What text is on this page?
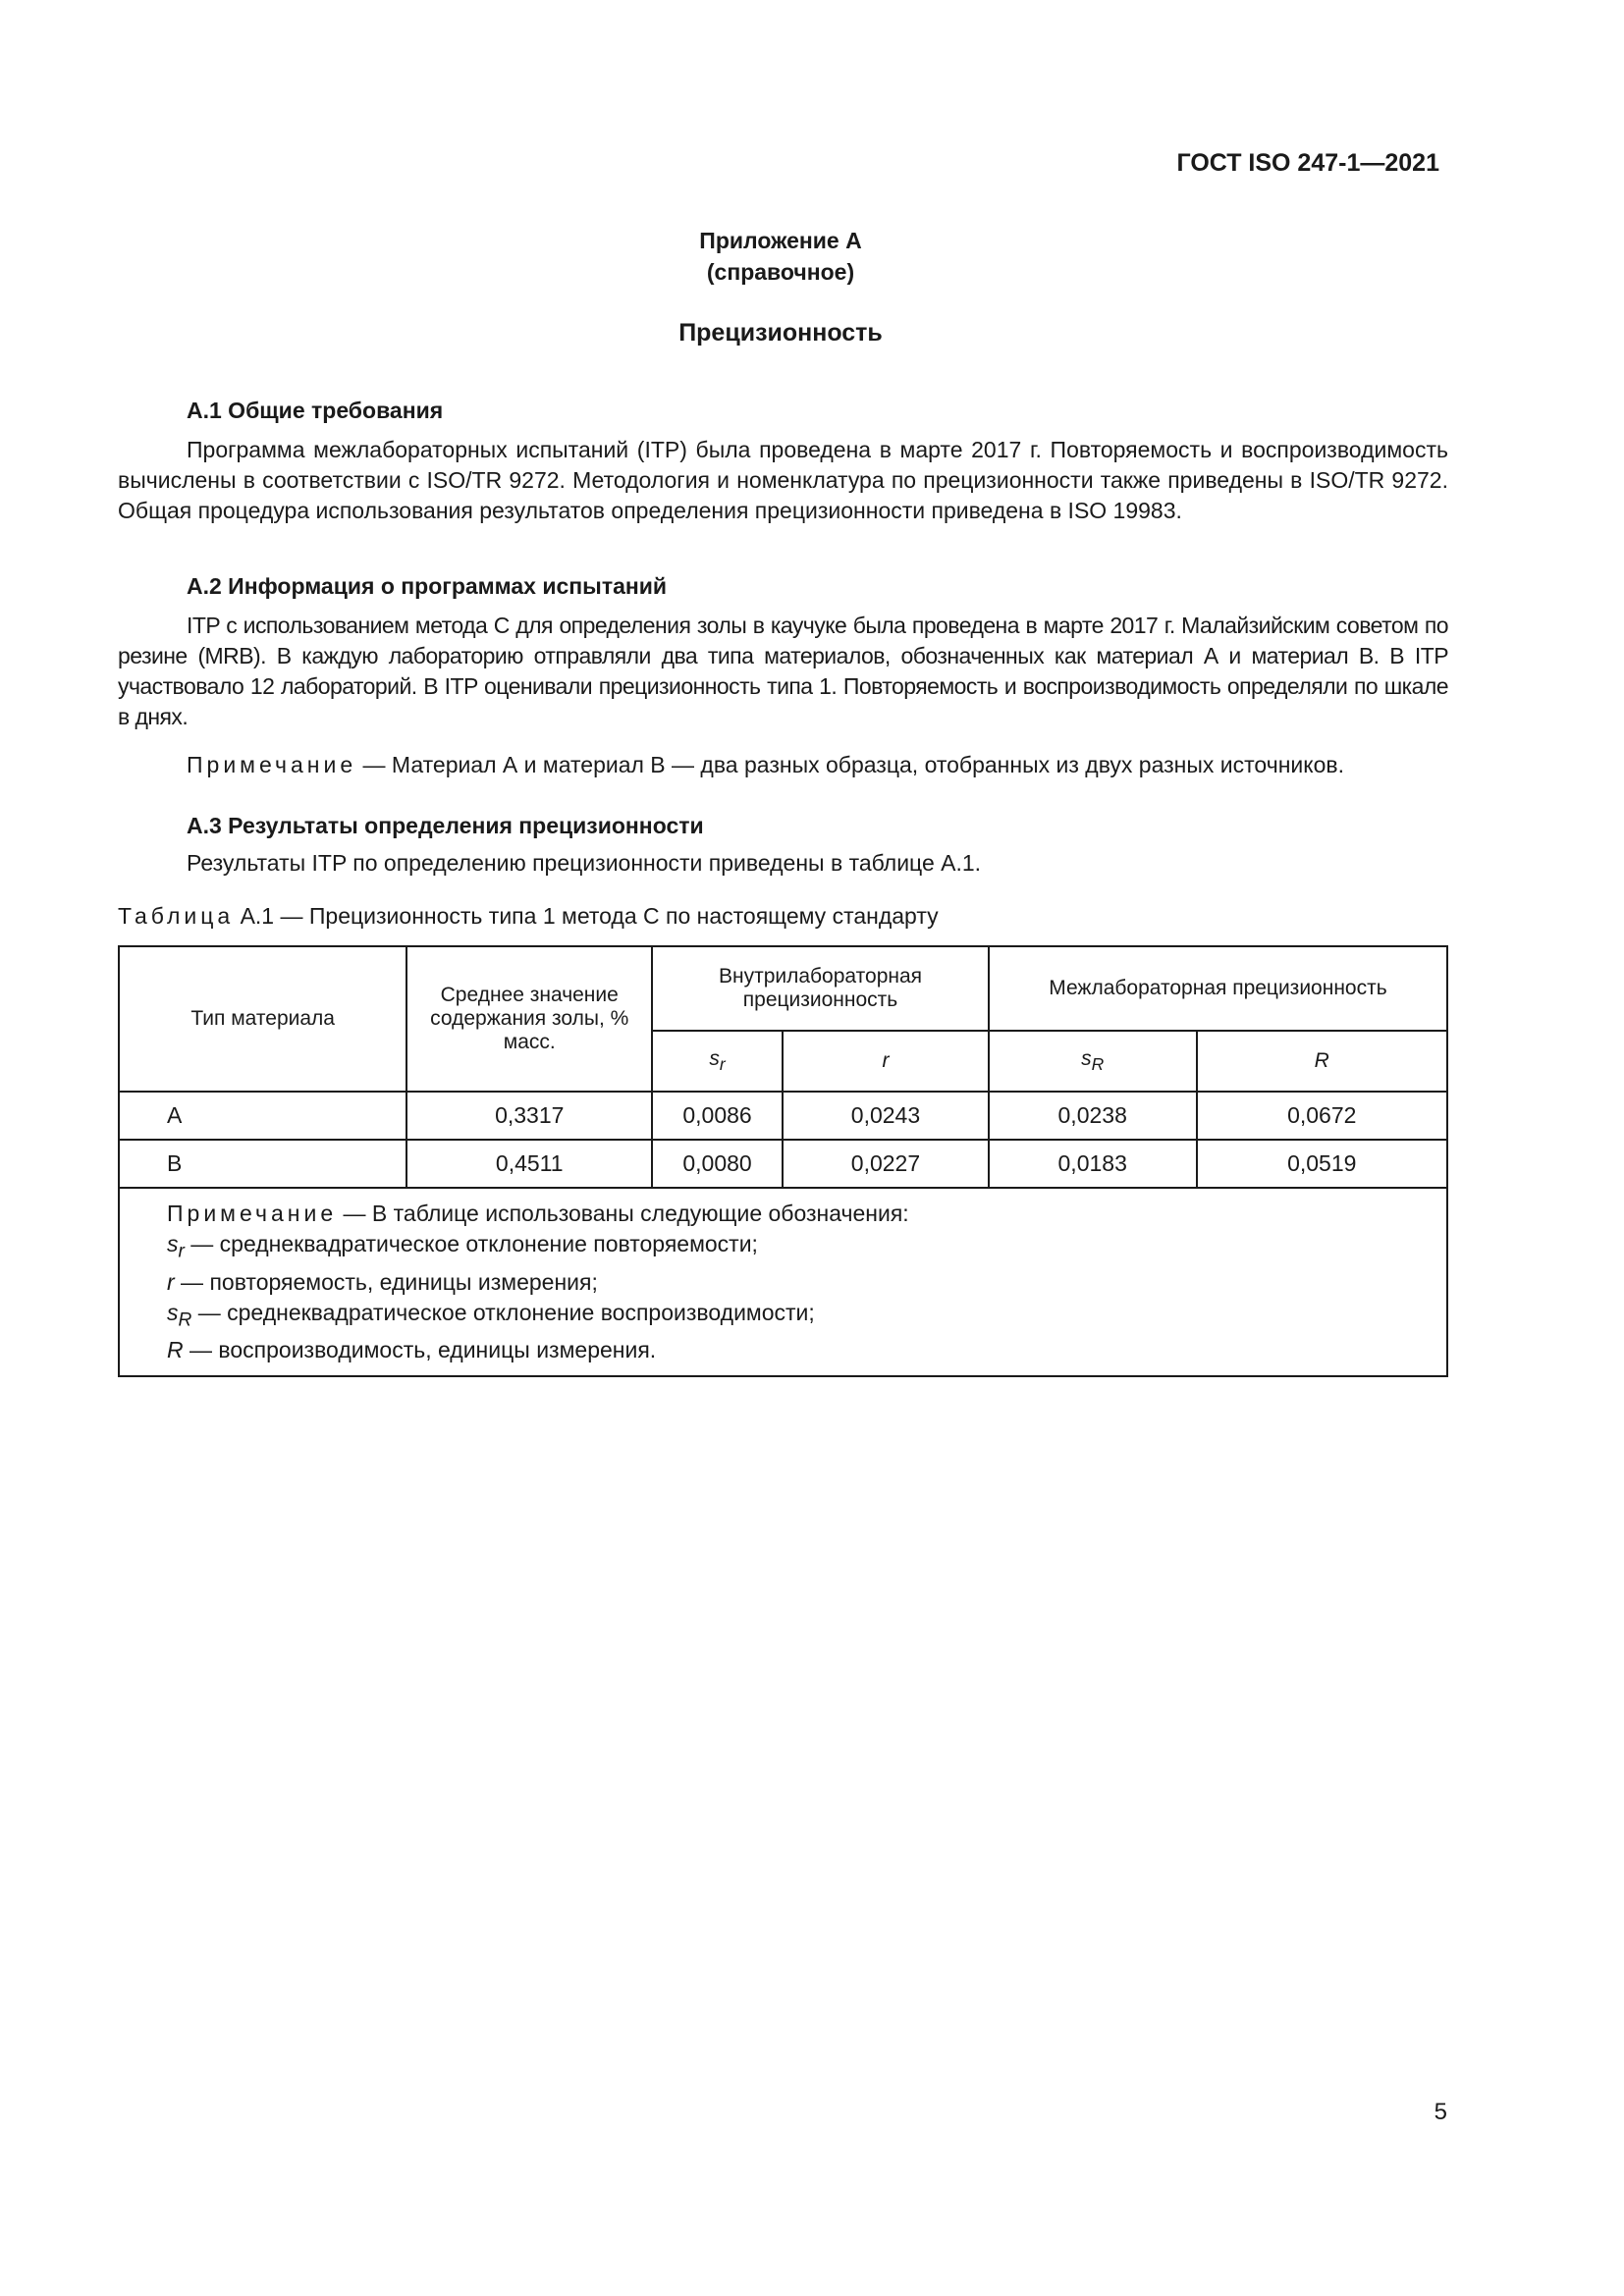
ГОСТ ISO 247-1—2021
Приложение А
(справочное)
Прецизионность
А.1 Общие требования

Программа межлабораторных испытаний (ITP) была проведена в марте 2017 г. Повторяемость и воспроизводимость вычислены в соответствии с ISO/TR 9272. Методология и номенклатура по прецизионности также приведены в ISO/TR 9272. Общая процедура использования результатов определения прецизионности приведена в ISO 19983.

А.2 Информация о программах испытаний

ITP с использованием метода С для определения золы в каучуке была проведена в марте 2017 г. Малайзийским советом по резине (MRB). В каждую лабораторию отправляли два типа материалов, обозначенных как материал А и материал В. В ITP участвовало 12 лабораторий. В ITP оценивали прецизионность типа 1. Повторяемость и воспроизводимость определяли по шкале в днях.

Примечание — Материал А и материал В — два разных образца, отобранных из двух разных источников.

А.3 Результаты определения прецизионности

Результаты ITP по определению прецизионности приведены в таблице А.1.

Таблица А.1 — Прецизионность типа 1 метода С по настоящему стандарту
Тип материала	Среднее значение содержания золы, % масс.	Внутрилабораторная прецизионность		Межлабораторная прецизионность	
		$s_r$	r	$s_R$	R
А	0,3317	0,0086	0,0243	0,0238	0,0672
В	0,4511	0,0080	0,0227	0,0183	0,0519

Примечание — В таблице использованы следующие обозначения:
$s_r$ — среднеквадратическое отклонение повторяемости;
r — повторяемость, единицы измерения;
$s_R$ — среднеквадратическое отклонение воспроизводимости;
R — воспроизводимость, единицы измерения.					
5
